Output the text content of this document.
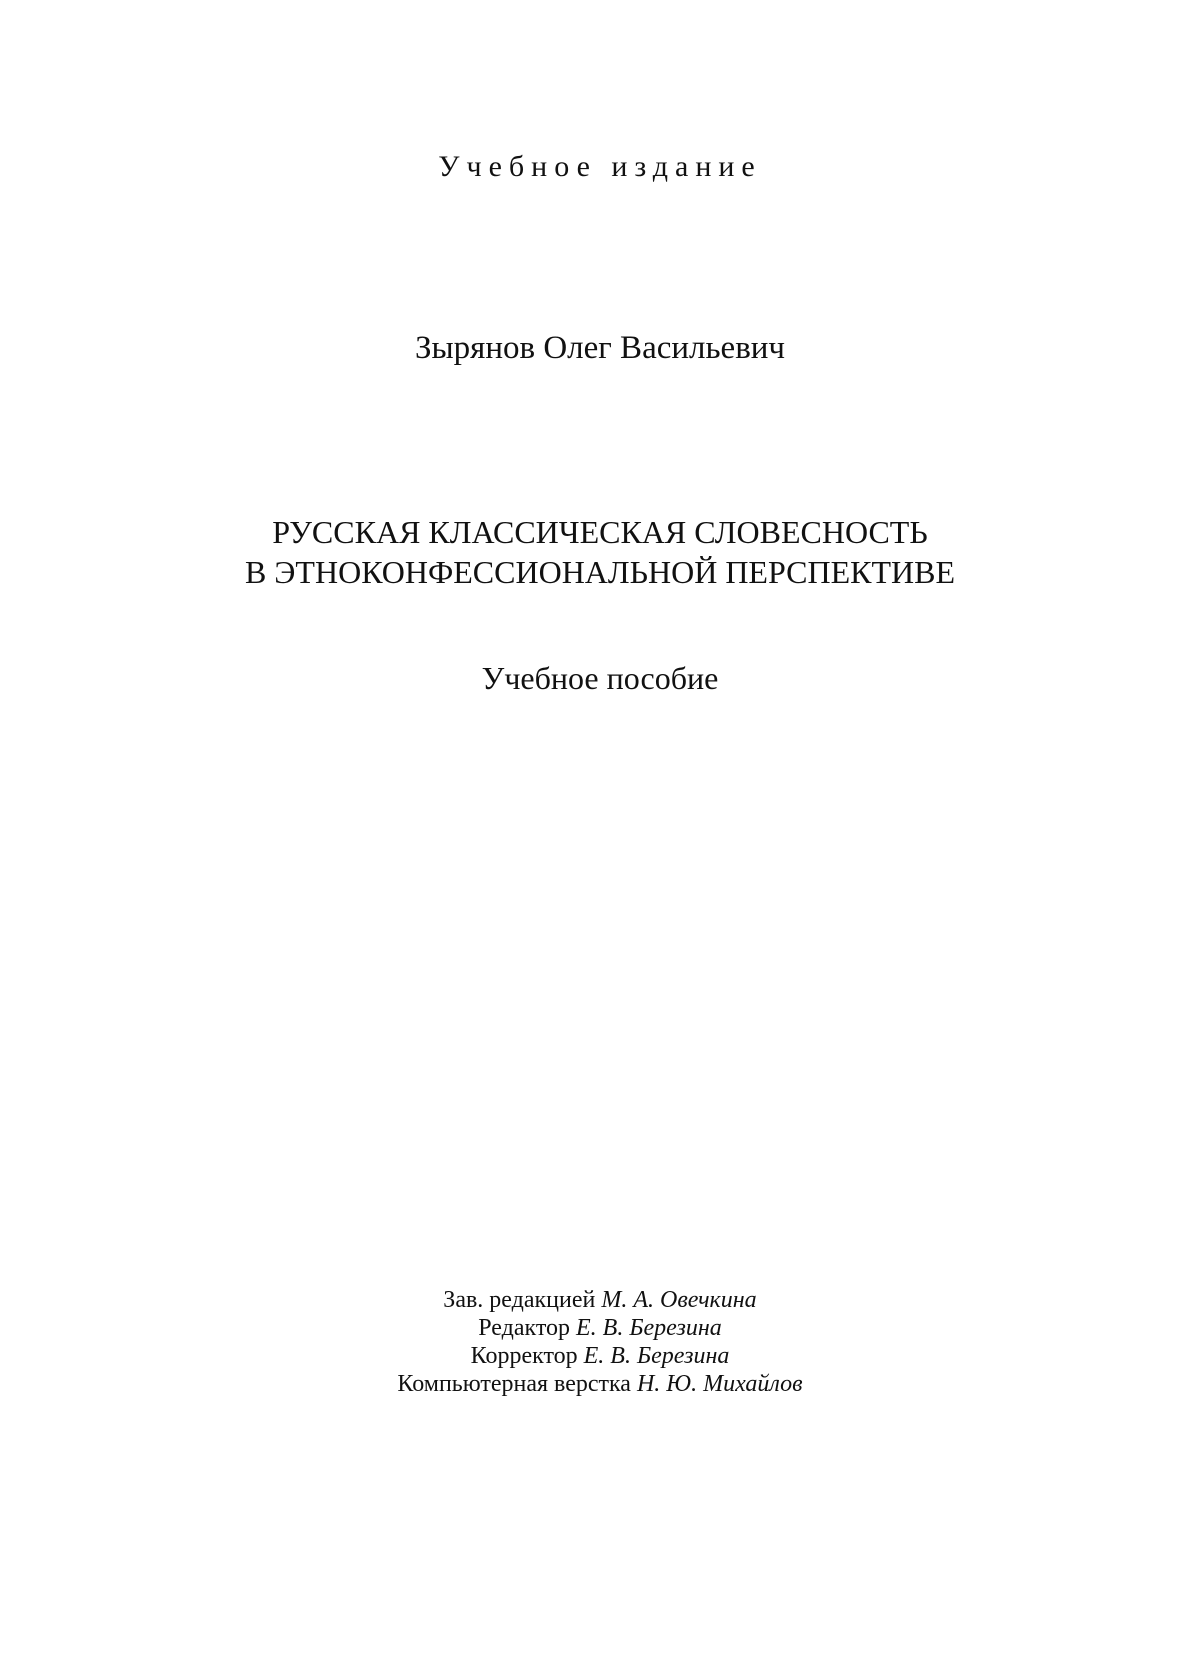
Учебное издание
Зырянов Олег Васильевич
РУССКАЯ КЛАССИЧЕСКАЯ СЛОВЕСНОСТЬ
В ЭТНОКОНФЕССИОНАЛЬНОЙ ПЕРСПЕКТИВЕ
Учебное пособие
Зав. редакцией М. А. Овечкина
Редактор Е. В. Березина
Корректор Е. В. Березина
Компьютерная верстка Н. Ю. Михайлов
